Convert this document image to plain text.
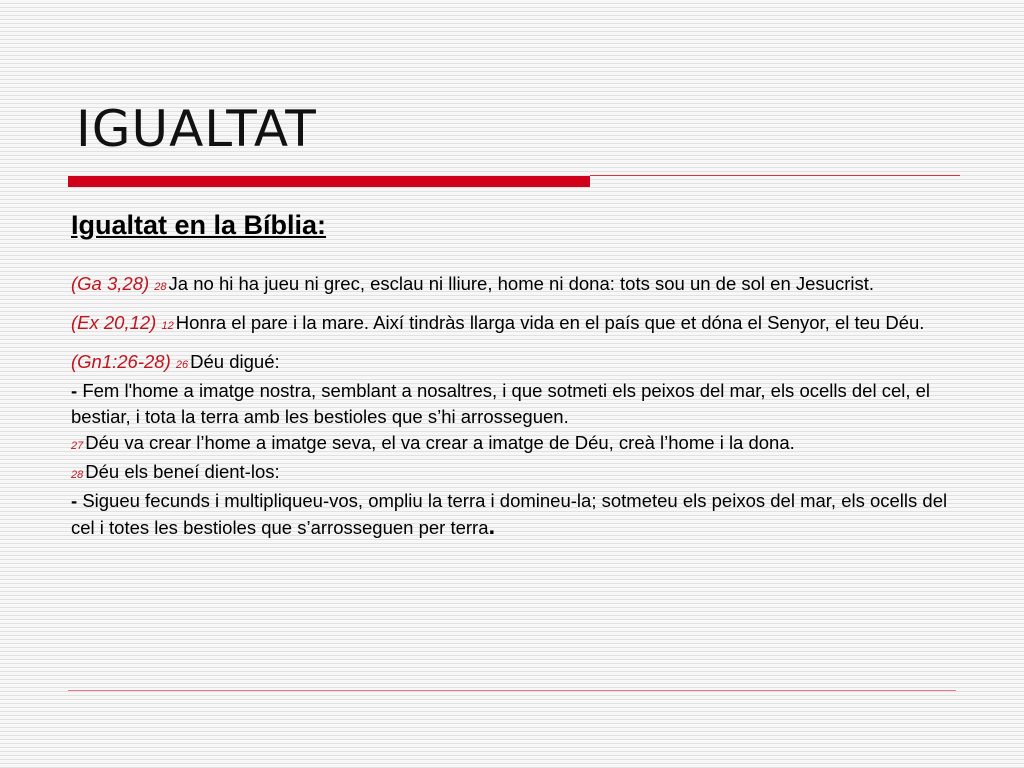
IGUALTAT
Igualtat en la Bíblia:

(Ga 3,28) 28 Ja no hi ha jueu ni grec, esclau ni lliure, home ni dona: tots sou un de sol en Jesucrist.

(Ex 20,12) 12 Honra el pare i la mare. Així tindràs llarga vida en el país que et dóna el Senyor, el teu Déu.

(Gn1:26-28) 26 Déu digué:
- Fem l'home a imatge nostra, semblant a nosaltres, i que sotmeti els peixos del mar, els ocells del cel, el bestiar, i tota la terra amb les bestioles que s’hi arrosseguen.
27 Déu va crear l’home a imatge seva, el va crear a imatge de Déu, creà l’home i la dona.
28 Déu els beneí dient-los:
- Sigueu fecunds i multipliqueu-vos, ompliu la terra i domineu-la; sotmeteu els peixos del mar, els ocells del cel i totes les bestioles que s’arrosseguen per terra.
